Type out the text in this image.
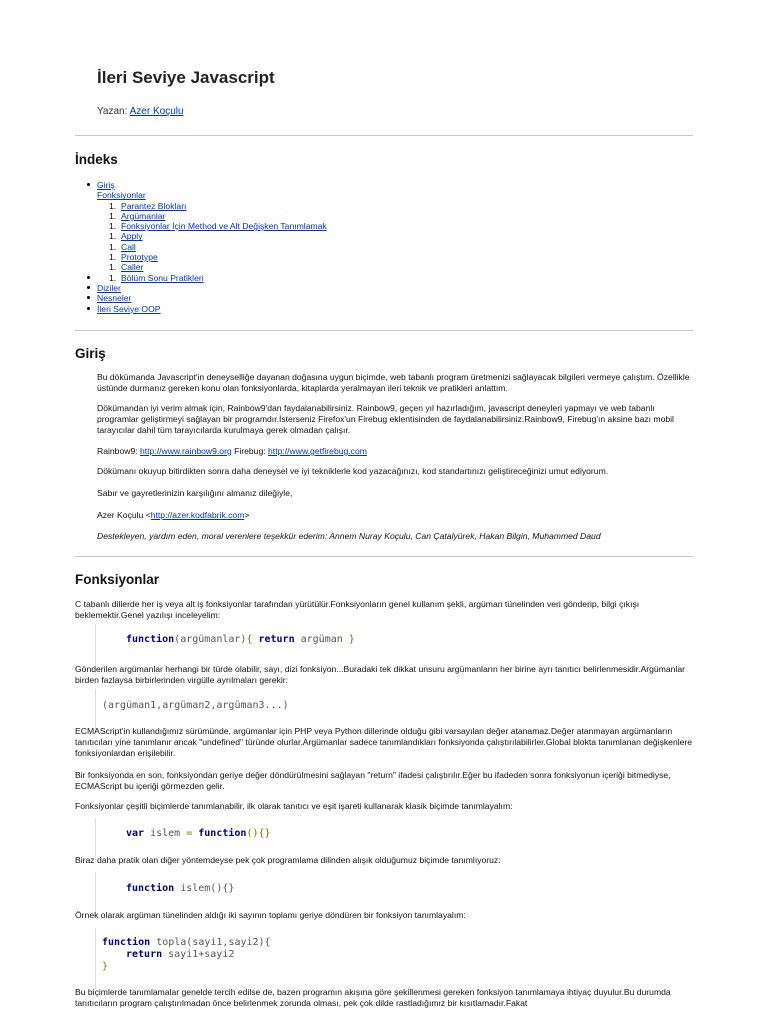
İleri Seviye Javascript
Yazan: Azer Koçulu
İndeks
Giriş
Fonksiyonlar
1. Parantez Blokları
1. Argümanlar
1. Fonksiyonlar İçin Method ve Alt Değişken Tanımlamak
1. Apply
1. Call
1. Prototype
1. Caller
1. Bölüm Sonu Pratikleri
Diziler
Nesneler
İleri Seviye OOP
Giriş
Bu dökümanda Javascript'in deneyselliğe dayanan doğasına uygun biçimde, web tabanlı program üretmenizi sağlayacak bilgileri vermeye çalıştım. Özellikle üstünde durmanız gereken konu olan fonksiyonlarda, kitaplarda yeralmayan ileri teknik ve pratikleri anlattım.
Dökümandan iyi verim almak için, Rainbow9'dan faydalanabilirsiniz. Rainbow9, geçen yıl hazırladığım, javascript deneyleri yapmayı ve web tabanlı programlar geliştirmeyi sağlayan bir programdır.İsterseniz Firefox'un Firebug eklentisinden de faydalanabilirsiniz.Rainbow9, Firebug'ın aksine bazı mobil tarayıcılar dahil tüm tarayıcılarda kurulmaya gerek olmadan çalışır.
Rainbow9: http://www.rainbow9.org Firebug: http://www.getfirebug.com
Dökümanı okuyup bitirdikten sonra daha deneysel ve iyi tekniklerle kod yazacağınızı, kod standartınızı geliştireceğinizi umut ediyorum.
Sabır ve gayretlerinizin karşılığını almanız dileğiyle,
Azer Koçulu <http://azer.kodfabrik.com>
Destekleyen, yardım eden, moral verenlere teşekkür ederim: Annem Nuray Koçulu, Can Çatalyürek, Hakan Bilgin, Muhammed Daud
Fonksiyonlar
C tabanlı dillerde her iş veya alt iş fonksiyonlar tarafından yürütülür.Fonksiyonların genel kullanım şekli, argüman tünelinden veri gönderip, bilgi çıkışı beklemektir.Genel yazılışı inceleyelim:
function(argümanlar){ return argüman }
Gönderilen argümanlar herhangi bir türde olabilir, sayı, dizi fonksiyon...Buradaki tek dikkat unsuru argümanların her birine ayrı tanıtıcı belirlenmesidir.Argümanlar birden fazlaysa birbirlerinden virgülle ayrılmaları gerekir:
(argüman1,argüman2,argüman3...)
ECMAScript'in kullandığımız sürümünde, argümanlar için PHP veya Python dillerinde olduğu gibi varsayılan değer atanamaz.Değer atanmayan argümanların tanıtıcıları yine tanımlanır ancak "undefined" türünde olurlar.Argümanlar sadece tanımlandıkları fonksiyonda çalıştırılabilirler.Global blokta tanımlanan değişkenlere fonksiyonlardan erişilebilir.
Bir fonksiyonda en son, fonksiyondan geriye değer döndürülmesini sağlayan "return" ifadesi çalıştırılır.Eğer bu ifadeden sonra fonksiyonun içeriği bitmediyse, ECMAScript bu içeriği görmezden gelir.
Fonksiyonlar çeşitli biçimlerde tanımlanabilir, ilk olarak tanıtıcı ve eşit işareti kullanarak klasik biçimde tanımlayalım:
var islem = function(){}
Biraz daha pratik olan diğer yöntemdeyse pek çok programlama dilinden alışık olduğumuz biçimde tanımlıyoruz:
function islem(){}
Örnek olarak argüman tünelinden aldığı iki sayının toplamı geriye döndüren bir fonksiyon tanımlayalım:
function topla(sayi1,sayi2){
return sayi1+sayi2
}
Bu biçimlerde tanımlamalar genelde tercih edilse de, bazen programın akışına göre şekillenmesi gereken fonksiyon tanımlamaya ihtiyaç duyulur.Bu durumda tanıtıcıların program çalıştırılmadan önce belirlenmek zorunda olması, pek çok dilde rastladığımız bir kısıtlamadır.Fakat
